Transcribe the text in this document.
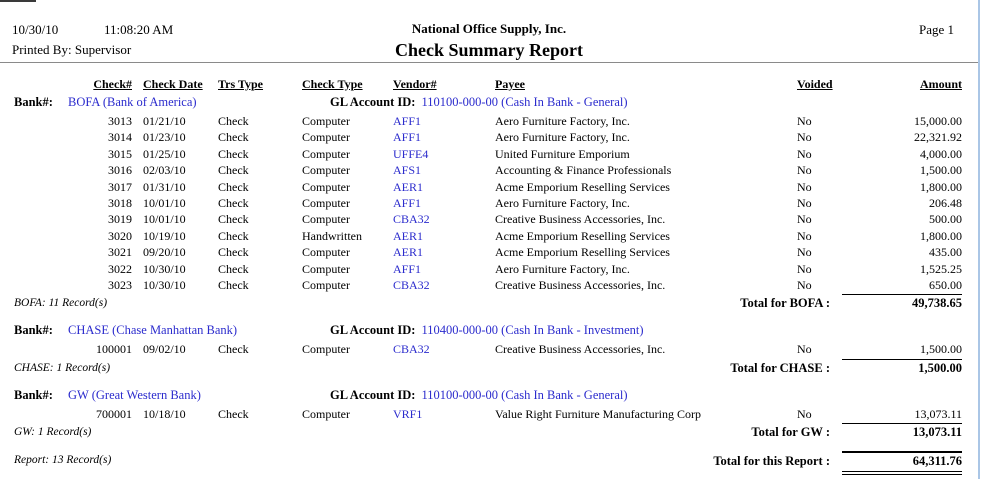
10/30/10	11:08:20 AM	National Office Supply, Inc.	Page 1
Printed By: Supervisor	Check Summary Report
Check# Check Date	Trs Type	Check Type	Vendor#	Payee	Voided	Amount
Bank#: BOFA (Bank of America)	GL Account ID: 110100-000-00 (Cash In Bank - General)
3013 01/21/10	Check	Computer	AFF1	Aero Furniture Factory, Inc.	No	15,000.00
3014 01/23/10	Check	Computer	AFF1	Aero Furniture Factory, Inc.	No	22,321.92
3015 01/25/10	Check	Computer	UFFE4	United Furniture Emporium	No	4,000.00
3016 02/03/10	Check	Computer	AFS1	Accounting & Finance Professionals	No	1,500.00
3017 01/31/10	Check	Computer	AER1	Acme Emporium Reselling Services	No	1,800.00
3018 10/01/10	Check	Computer	AFF1	Aero Furniture Factory, Inc.	No	206.48
3019 10/01/10	Check	Computer	CBA32	Creative Business Accessories, Inc.	No	500.00
3020 10/19/10	Check	Handwritten	AER1	Acme Emporium Reselling Services	No	1,800.00
3021 09/20/10	Check	Computer	AER1	Acme Emporium Reselling Services	No	435.00
3022 10/30/10	Check	Computer	AFF1	Aero Furniture Factory, Inc.	No	1,525.25
3023 10/30/10	Check	Computer	CBA32	Creative Business Accessories, Inc.	No	650.00
BOFA: 11 Record(s)	Total for BOFA :	49,738.65
Bank#: CHASE (Chase Manhattan Bank)	GL Account ID: 110400-000-00 (Cash In Bank - Investment)
100001 09/02/10	Check	Computer	CBA32	Creative Business Accessories, Inc.	No	1,500.00
CHASE: 1 Record(s)	Total for CHASE :	1,500.00
Bank#: GW (Great Western Bank)	GL Account ID: 110100-000-00 (Cash In Bank - General)
700001 10/18/10	Check	Computer	VRF1	Value Right Furniture Manufacturing Corp	No	13,073.11
GW: 1 Record(s)	Total for GW :	13,073.11
Report: 13 Record(s)	Total for this Report :	64,311.76
